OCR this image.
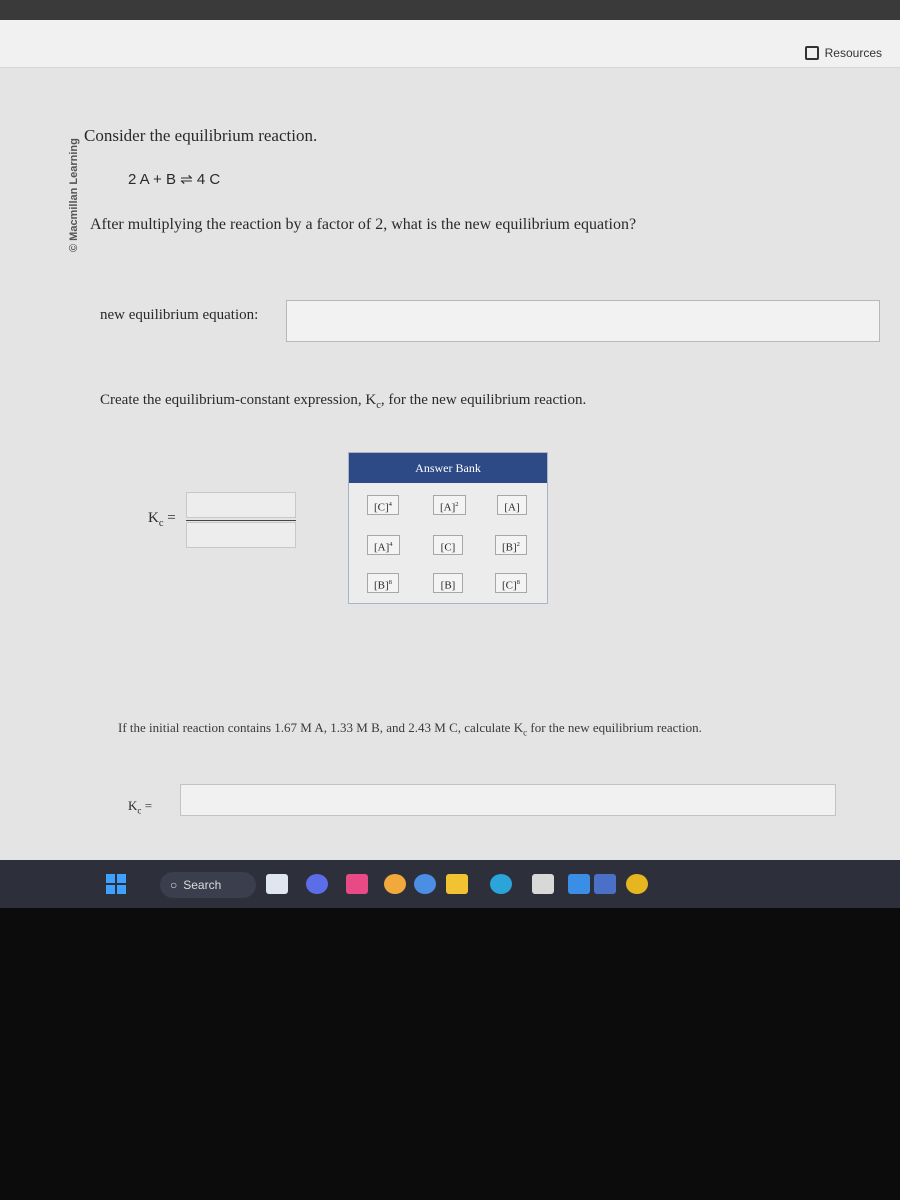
Resources
© Macmillan Learning
Consider the equilibrium reaction.
2 A + B ⇌ 4 C
After multiplying the reaction by a factor of 2, what is the new equilibrium equation?
new equilibrium equation:
Create the equilibrium-constant expression, $K_c$, for the new equilibrium reaction.
$K_c$ =
Answer Bank
$[C]^4$	$[A]^2$	[A]
$[A]^4$	[C]	$[B]^2$
$[B]^8$	[B]	$[C]^8$
If the initial reaction contains 1.67 M A, 1.33 M B, and 2.43 M C, calculate $K_c$ for the new equilibrium reaction.
$K_c$ =
○ Search
